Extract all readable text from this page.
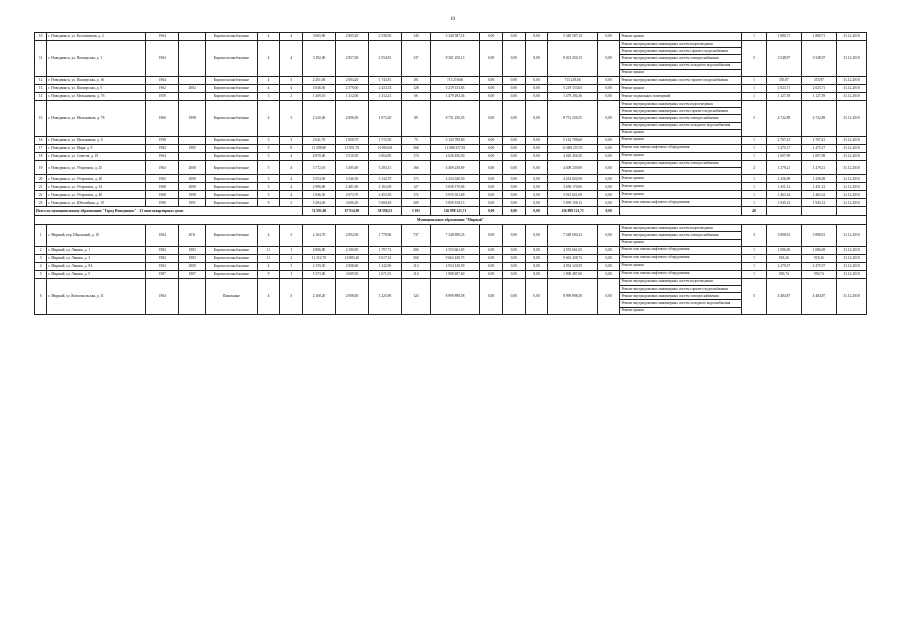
10
10	г. Новодвинск, ул. Космонавтов, д. 2	1964		Кирпич шлакоблочные	4	4	3 065,90	2 805,20	2 538,50	140	5 340 587,14	0,00	0,00	0,00	5 340 587,14	0,00	Ремонт крыши	1	1 880,71	1 880,71	31.12.2018
11	г. Новодвинск, ул. Пионерская, д. 1	1963		Кирпич шлакоблочные	4	4	3 192,00	2 857,00	2 554,81	137	8 301 250,13	0,00	0,00	0,00	8 301 250,13	0,00	Ремонт внутридомовых инженерных систем водоотведения
Ремонт внутридомовых инженерных систем горячего водоснабжения
Ремонт внутридомовых инженерных систем электроснабжения
Ремонт внутридомовых инженерных систем холодного водоснабжения
Ремонт крыши	5	3 548,97	3 548,97	31.12.2018
12	г. Новодвинск, ул. Пионерская, д. 16	1964		Кирпич шлакоблочные	4	3	2 201,00	2 004,20	1 743,81	101	713 218,66	0,00	0,00	0,00	713 218,66	0,00	Ремонт внутридомовых инженерных систем горячего водоснабжения	1	355,87	355,87	31.12.2018
13	г. Новодвинск, ул. Пионерская, д. 5	1962	2002	Кирпич шлакоблочные	4	4	3 046,50	2 579,00	2 433,53	128	5 219 153,63	0,00	0,00	0,00	5 219 153,63	0,00	Ремонт крыши	1	2 023,71	2 023,71	31.12.2018
14	г. Новодвинск, ул. Мельникова, д. 76	1959		Кирпич шлакоблочные	3	2	1 469,10	1 312,00	1 312,41	66	1 479 294,36	0,00	0,00	0,00	1 479 294,36	0,00	Ремонт подвальных помещений	1	1 127,59	1 127,59	31.12.2018
15	г. Новодвинск, ул. Мельникова, д. 78	1960	1998	Кирпич шлакоблочные	4	3	2 220,40	2 096,00	1 972,20	89	8 751 256,55	0,00	0,00	0,00	8 751 256,55	0,00	Ремонт внутридомовых инженерных систем водоотведения
Ремонт внутридомовых инженерных систем горячего водоснабжения
Ремонт внутридомовых инженерных систем электроснабжения
Ремонт внутридомовых инженерных систем холодного водоснабжения
Ремонт крыши	5	4 722,89	4 722,89	31.12.2018
16	г. Новодвинск, ул. Мельникова, д. 8	1958		Кирпич шлакоблочные	3	3	2 041,70	1 858,70	1 715,50	75	5 143 788,60	0,00	0,00	0,00	5 143 788,60	0,00	Ремонт крыши	1	2 767,41	2 767,41	31.12.2018
17	г. Новодвинск, ул. Мира, д. 9	1982	1985	Кирпич шлакоблочные	9	8	11 298,80	11 851,70	10 083,69	568	11 688 257,91	0,00	0,00	0,00	11 688 257,91	0,00	Ремонт или замена лифтового оборудования	1	1 475,17	1 475,17	31.12.2018
18	г. Новодвинск, ул. Советов, д. 19	1964		Кирпич шлакоблочные	5	4	4 870,00	3 510,50	3 064,90	174	4 020 456,50	0,00	0,00	0,00	4 020 456,50	0,00	Ремонт крыши	1	1 007,99	1 007,99	31.12.2018
19	г. Новодвинск, ул. Уборевича, д. 25	1963	2008	Кирпич шлакоблочные	5	4	3 772,10	3 495,00	3 293,31	166	4 409 239,69	0,00	0,00	0,00	4 409 239,69	0,00	Ремонт внутридомовых инженерных систем электроснабжения
Ремонт крыши	2	1 279,21	1 279,21	31.12.2018
20	г. Новодвинск, ул. Уборевича, д. 28	1965	2008	Кирпич шлакоблочные	5	4	3 554,50	3 546,50	3 144,70	173	4 254 020,50	0,00	0,00	0,00	4 254 020,50	0,00	Ремонт крыши	1	1 256,09	1 256,09	31.12.2018
21	г. Новодвинск, ул. Уборевича, д. 34	1968	2008	Кирпич шлакоблочные	5	4	2 986,80	2 481,00	2 163,09	127	3 658 170,06	0,00	0,00	0,00	3 658 170,06	0,00	Ремонт крыши	1	1 451,12	1 451,12	31.12.2018
22	г. Новодвинск, ул. Уборевича, д. 40	1968	1998	Кирпич шлакоблочные	5	4	2 946,50	2 673,70	2 453,50	172	3 915 021,69	0,00	0,00	0,00	3 915 021,69	0,00	Ремонт крыши	1	1 463,32	1 463,32	31.12.2018
23	г. Новодвинск, ул. Юбилейная, д. 19	1990	1991	Кирпич шлакоблочные	9	3	5 294,20	3 606,20	3 068,49	209	5 859 158,13	0,00	0,00	0,00	5 859 158,13	0,00	Ремонт или замена лифтового оборудования	1	1 945,12	1 945,12	31.12.2018
Итого по муниципальному образованию "Город Новодвинск" - 23 многоквартирных дома:							74 581,60	67 914,90	58 596,53	3 101	126 898 121,71	0,00	0,00	0,00	126 898 121,71	0,00		48			
Муниципальное образование "Мирный"																					
1	г. Мирный, пер. Школьный, д. 10	1964	2011	Кирпич шлакоблочные	4	3	2 164,70	2 092,00	1 778,00	737	7 348 690,23	0,00	0,00	0,00	7 348 690,23	0,00	Ремонт внутридомовых инженерных систем водоотведения
Ремонт внутридомовых инженерных систем электроснабжения
Ремонт крыши	3	3 898,01	3 898,01	31.12.2018
2	г. Мирный, ул. Ленина, д. 1	1982	1983	Кирпич шлакоблочные	11	1	4 886,80	4 190,90	1 797,72	306	4 553 661,65	0,00	0,00	0,00	4 553 661,65	0,00	Ремонт или замена лифтового оборудования	1	1 086,69	1 086,69	31.12.2018
3	г. Мирный, ул. Ленина, д. 3	1982	1983	Кирпич шлакоблочные	11	2	11 212,70	10 883,40	5 617,33	568	9 662 438,73	0,00	0,00	0,00	9 662 438,73	0,00	Ремонт или замена лифтового оборудования	1	918,26	918,26	31.12.2018
4	г. Мирный, ул. Ленина, д. 9А	1963	2009	Кирпич шлакоблочные	4	3	2 159,50	2 008,60	1 342,90	113	4 954 120,59	0,00	0,00	0,00	4 954 120,59	0,00	Ремонт крыши	1	2 479,57	2 479,57	31.12.2018
5	г. Мирный, ул. Ленина, д. 5	1987	1987	Кирпич шлакоблочные	9	1	5 373,90	3 609,50	1 671,91	110	1 908 487,60	0,00	0,00	0,00	1 908 487,60	0,00	Ремонт или замена лифтового оборудования	1	950,74	950,74	31.12.2018
6	г. Мирный, ул. Комсомольская, д. 11	1964		Панельные	4	3	2 168,20	2 008,00	1 225,90	124	8 999 898,58	0,00	0,00	0,00	8 999 898,58	0,00	Ремонт внутридомовых инженерных систем водоотведения
Ремонт внутридомовых инженерных систем горячего водоснабжения
Ремонт внутридомовых инженерных систем электроснабжения
Ремонт внутридомовых инженерных систем холодного водоснабжения
Ремонт крыши	5	4 484,87	4 484,87	31.12.2018
